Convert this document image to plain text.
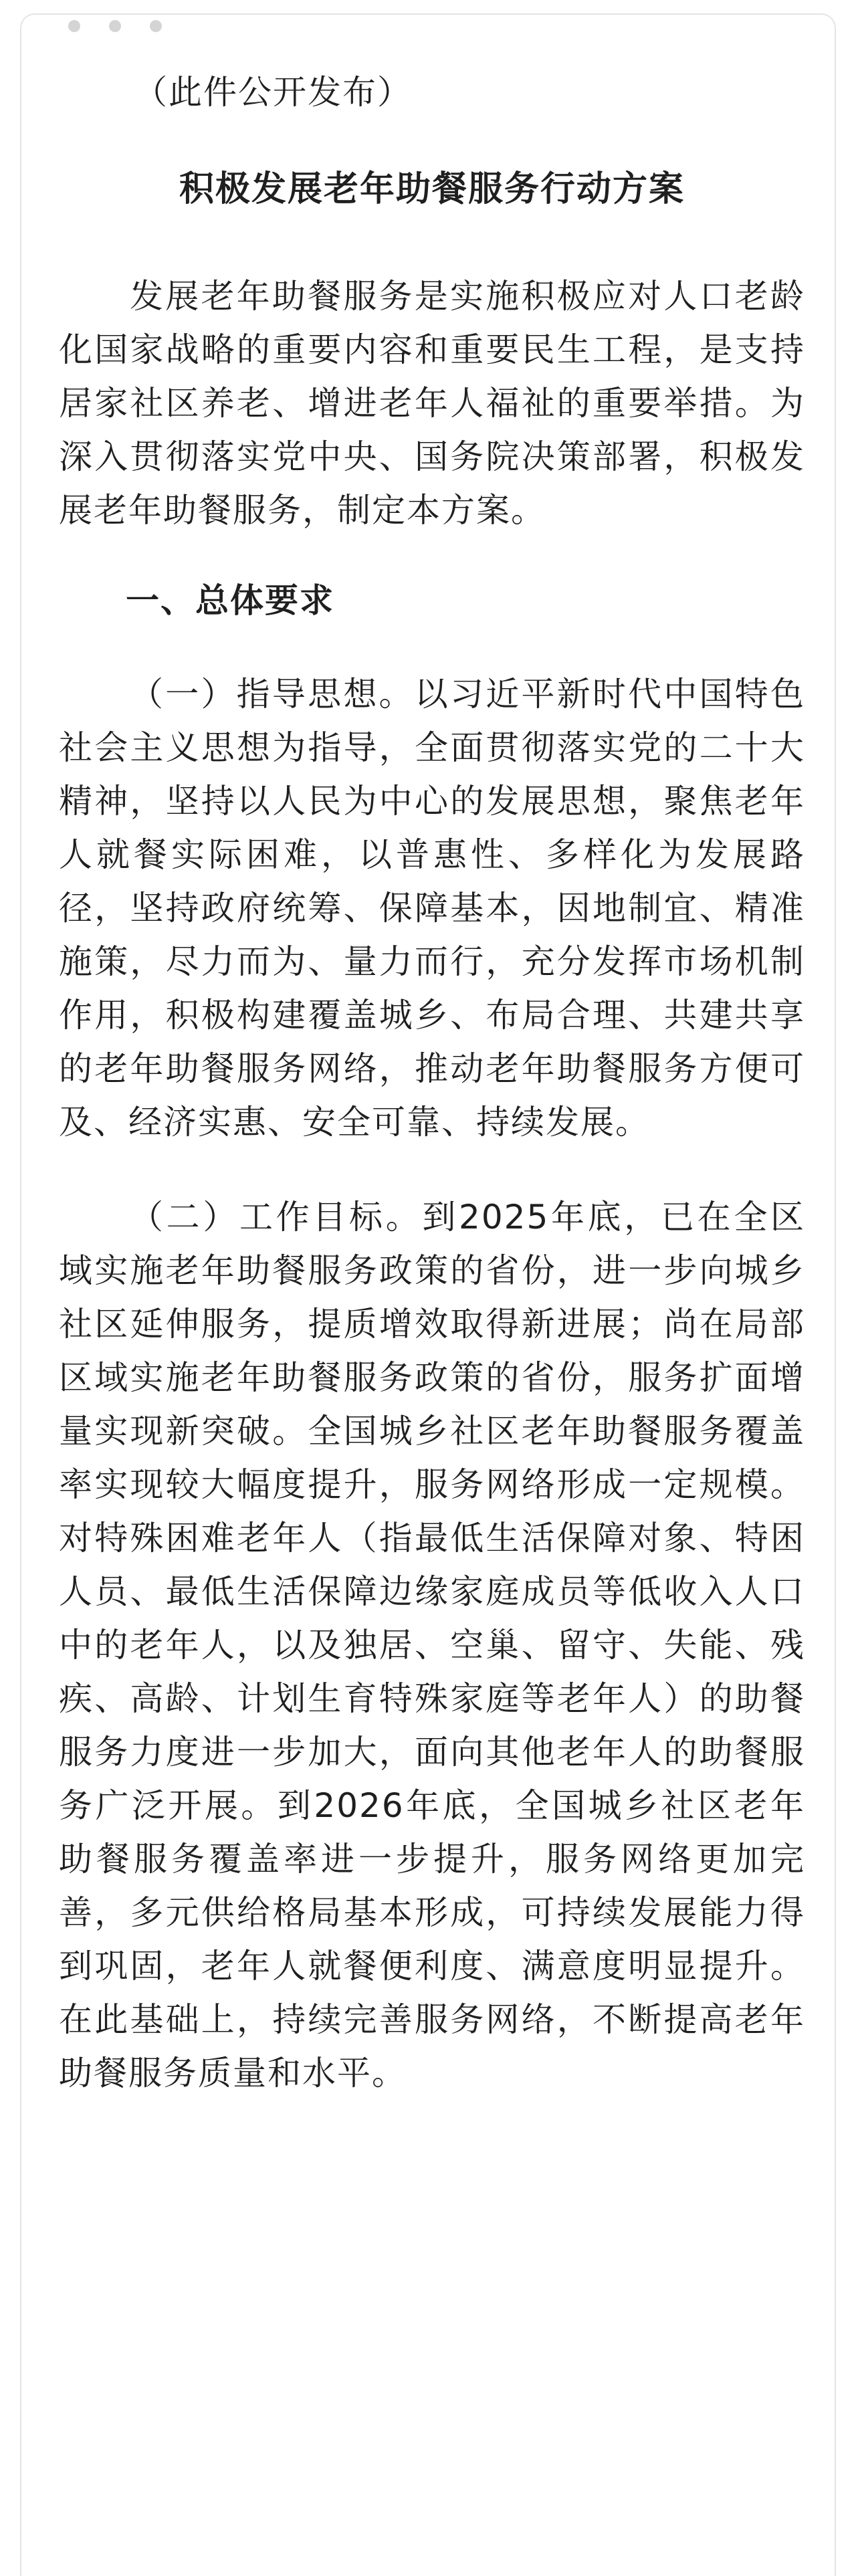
（此件公开发布）

积极发展老年助餐服务行动方案

发展老年助餐服务是实施积极应对人口老龄化国家战略的重要内容和重要民生工程，是支持居家社区养老、增进老年人福祉的重要举措。为深入贯彻落实党中央、国务院决策部署，积极发展老年助餐服务，制定本方案。

一、总体要求

（一）指导思想。以习近平新时代中国特色社会主义思想为指导，全面贯彻落实党的二十大精神，坚持以人民为中心的发展思想，聚焦老年人就餐实际困难，以普惠性、多样化为发展路径，坚持政府统筹、保障基本，因地制宜、精准施策，尽力而为、量力而行，充分发挥市场机制作用，积极构建覆盖城乡、布局合理、共建共享的老年助餐服务网络，推动老年助餐服务方便可及、经济实惠、安全可靠、持续发展。

（二）工作目标。到2025年底，已在全区域实施老年助餐服务政策的省份，进一步向城乡社区延伸服务，提质增效取得新进展；尚在局部区域实施老年助餐服务政策的省份，服务扩面增量实现新突破。全国城乡社区老年助餐服务覆盖率实现较大幅度提升，服务网络形成一定规模。对特殊困难老年人（指最低生活保障对象、特困人员、最低生活保障边缘家庭成员等低收入人口中的老年人，以及独居、空巢、留守、失能、残疾、高龄、计划生育特殊家庭等老年人）的助餐服务力度进一步加大，面向其他老年人的助餐服务广泛开展。到2026年底，全国城乡社区老年助餐服务覆盖率进一步提升，服务网络更加完善，多元供给格局基本形成，可持续发展能力得到巩固，老年人就餐便利度、满意度明显提升。在此基础上，持续完善服务网络，不断提高老年助餐服务质量和水平。
